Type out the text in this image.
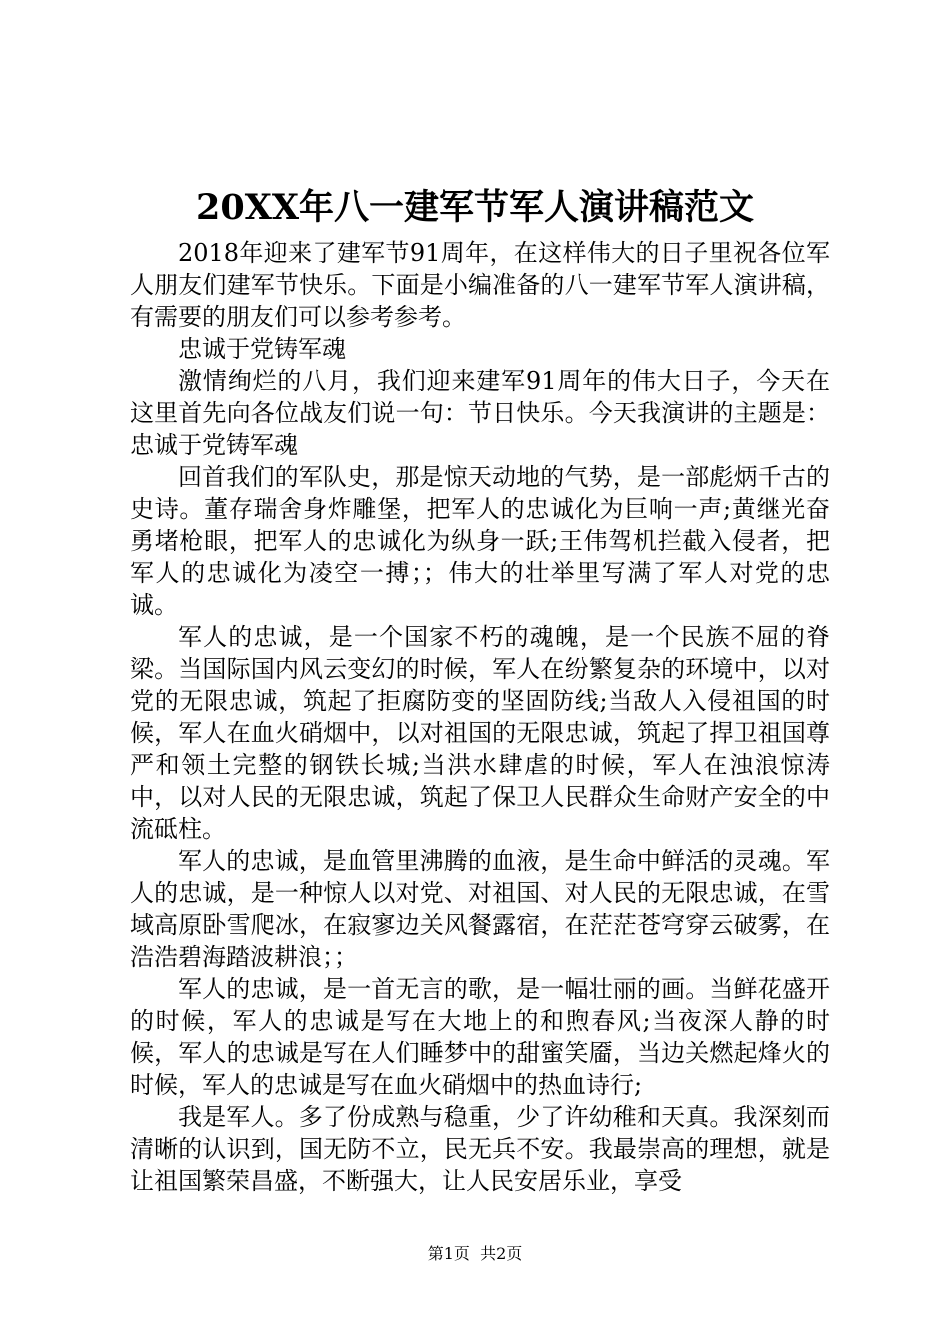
20XX年八一建军节军人演讲稿范文

2018年迎来了建军节91周年，在这样伟大的日子里祝各位军人朋友们建军节快乐。下面是小编准备的八一建军节军人演讲稿，有需要的朋友们可以参考参考。

忠诚于党铸军魂

激情绚烂的八月，我们迎来建军91周年的伟大日子，今天在这里首先向各位战友们说一句：节日快乐。今天我演讲的主题是：忠诚于党铸军魂

回首我们的军队史，那是惊天动地的气势，是一部彪炳千古的史诗。董存瑞舍身炸雕堡，把军人的忠诚化为巨响一声;黄继光奋勇堵枪眼，把军人的忠诚化为纵身一跃;王伟驾机拦截入侵者，把军人的忠诚化为凌空一搏；；伟大的壮举里写满了军人对党的忠诚。

军人的忠诚，是一个国家不朽的魂魄，是一个民族不屈的脊梁。当国际国内风云变幻的时候，军人在纷繁复杂的环境中，以对党的无限忠诚，筑起了拒腐防变的坚固防线;当敌人入侵祖国的时候，军人在血火硝烟中，以对祖国的无限忠诚，筑起了捍卫祖国尊严和领土完整的钢铁长城;当洪水肆虐的时候，军人在浊浪惊涛中，以对人民的无限忠诚，筑起了保卫人民群众生命财产安全的中流砥柱。

军人的忠诚，是血管里沸腾的血液，是生命中鲜活的灵魂。军人的忠诚，是一种惊人以对党、对祖国、对人民的无限忠诚，在雪域高原卧雪爬冰，在寂寥边关风餐露宿，在茫茫苍穹穿云破雾，在浩浩碧海踏波耕浪；；

军人的忠诚，是一首无言的歌，是一幅壮丽的画。当鲜花盛开的时候，军人的忠诚是写在大地上的和煦春风;当夜深人静的时候，军人的忠诚是写在人们睡梦中的甜蜜笑靥，当边关燃起烽火的时候，军人的忠诚是写在血火硝烟中的热血诗行;

我是军人。多了份成熟与稳重，少了许幼稚和天真。我深刻而清晰的认识到，国无防不立，民无兵不安。我最崇高的理想，就是让祖国繁荣昌盛，不断强大，让人民安居乐业，享受

第1页  共2页
